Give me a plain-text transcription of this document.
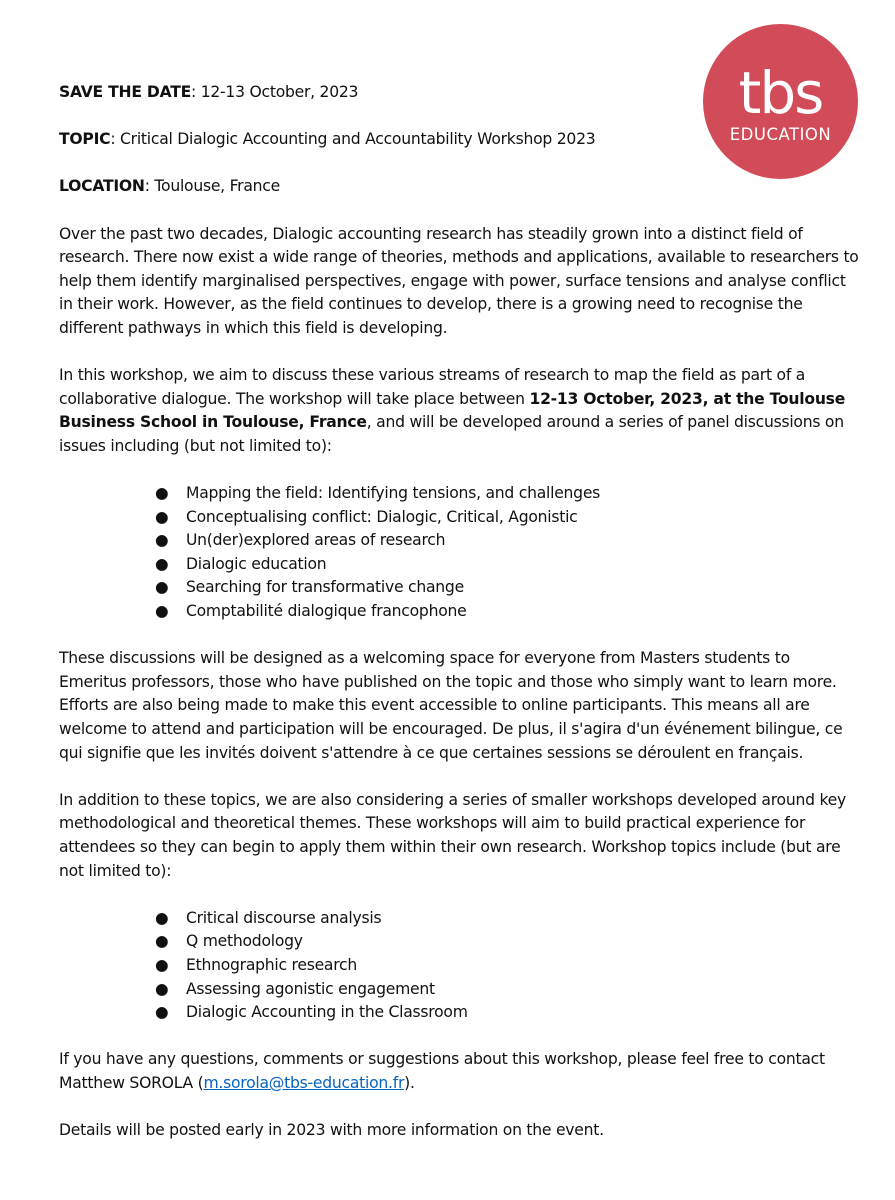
tbs
EDUCATION

SAVE THE DATE: 12-13 October, 2023

TOPIC: Critical Dialogic Accounting and Accountability Workshop 2023

LOCATION: Toulouse, France

Over the past two decades, Dialogic accounting research has steadily grown into a distinct field of research. There now exist a wide range of theories, methods and applications, available to researchers to help them identify marginalised perspectives, engage with power, surface tensions and analyse conflict in their work. However, as the field continues to develop, there is a growing need to recognise the different pathways in which this field is developing.

In this workshop, we aim to discuss these various streams of research to map the field as part of a collaborative dialogue. The workshop will take place between 12-13 October, 2023, at the Toulouse Business School in Toulouse, France, and will be developed around a series of panel discussions on issues including (but not limited to):

● Mapping the field: Identifying tensions, and challenges
● Conceptualising conflict: Dialogic, Critical, Agonistic
● Un(der)explored areas of research
● Dialogic education
● Searching for transformative change
● Comptabilité dialogique francophone

These discussions will be designed as a welcoming space for everyone from Masters students to Emeritus professors, those who have published on the topic and those who simply want to learn more. Efforts are also being made to make this event accessible to online participants. This means all are welcome to attend and participation will be encouraged. De plus, il s'agira d'un événement bilingue, ce qui signifie que les invités doivent s'attendre à ce que certaines sessions se déroulent en français.

In addition to these topics, we are also considering a series of smaller workshops developed around key methodological and theoretical themes. These workshops will aim to build practical experience for attendees so they can begin to apply them within their own research. Workshop topics include (but are not limited to):

● Critical discourse analysis
● Q methodology
● Ethnographic research
● Assessing agonistic engagement
● Dialogic Accounting in the Classroom

If you have any questions, comments or suggestions about this workshop, please feel free to contact Matthew SOROLA (m.sorola@tbs-education.fr).

Details will be posted early in 2023 with more information on the event.
